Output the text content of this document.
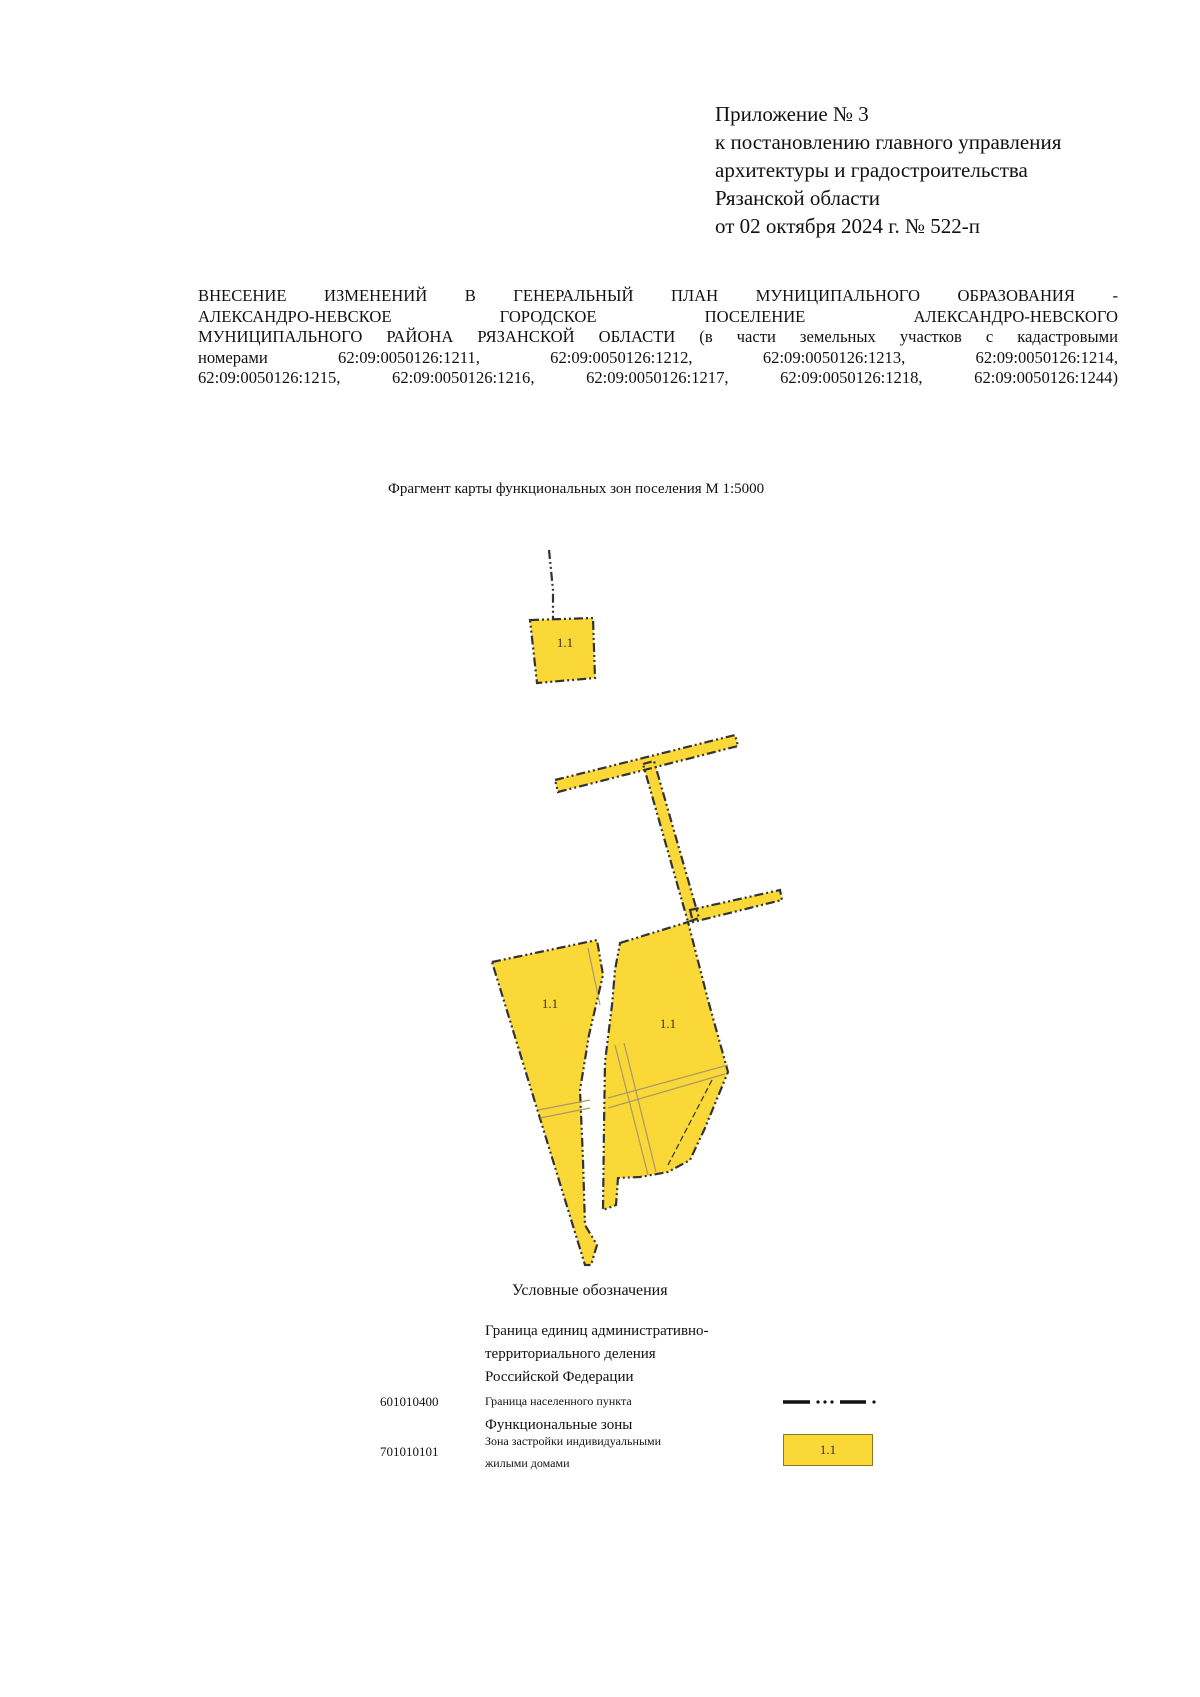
Приложение № 3
к постановлению главного управления
архитектуры и градостроительства
Рязанской области
от 02 октября 2024 г. № 522-п
ВНЕСЕНИЕ ИЗМЕНЕНИЙ В ГЕНЕРАЛЬНЫЙ ПЛАН МУНИЦИПАЛЬНОГО ОБРАЗОВАНИЯ -
АЛЕКСАНДРО-НЕВСКОЕ ГОРОДСКОЕ ПОСЕЛЕНИЕ АЛЕКСАНДРО-НЕВСКОГО
МУНИЦИПАЛЬНОГО РАЙОНА РЯЗАНСКОЙ ОБЛАСТИ (в части земельных участков с кадастровыми
номерами 62:09:0050126:1211, 62:09:0050126:1212, 62:09:0050126:1213, 62:09:0050126:1214,
62:09:0050126:1215, 62:09:0050126:1216, 62:09:0050126:1217, 62:09:0050126:1218, 62:09:0050126:1244)
Фрагмент карты функциональных зон поселения М 1:5000
1.1
1.1
1.1
Условные обозначения
Граница единиц административно-
территориального деления
Российской Федерации
601010400	Граница населенного пункта
Функциональные зоны
701010101
Зона застройки индивидуальными
жилыми домами
1.1
